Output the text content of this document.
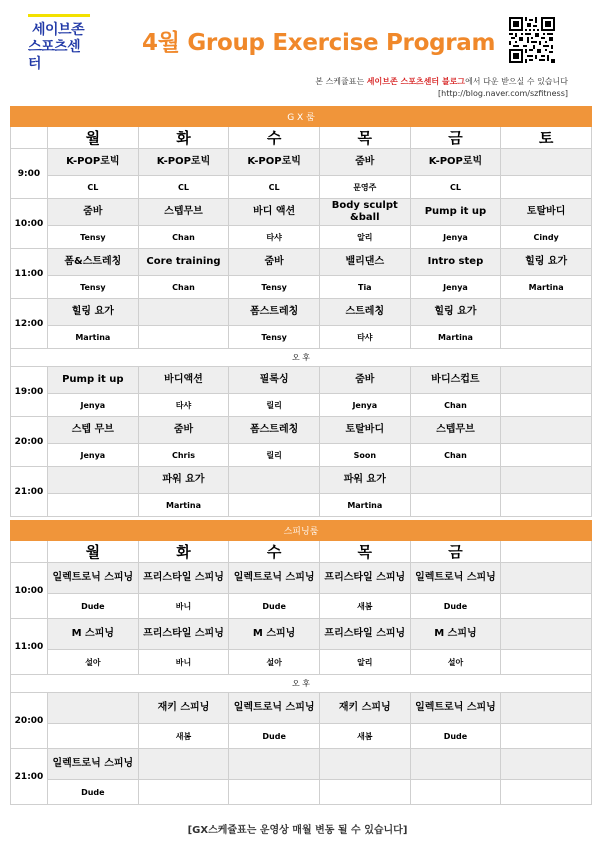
세이브존
스포츠센터
4월 Group Exercise Program
본 스케쥴표는 세이브존 스포츠센터 블로그에서 다운 받으실 수 있습니다
[http://blog.naver.com/szfitness]
G X 룸						
	월	화	수	목	금	토
9:00	K-POP로빅	K-POP로빅	K-POP로빅	줌바	K-POP로빅	
	CL	CL	CL	문영주	CL	
10:00	줌바	스텝무브	바디 액션	Body sculpt &ball	Pump it up	토탈바디
	Tensy	Chan	타샤	알리	Jenya	Cindy
11:00	폼&스트레칭	Core training	줌바	밸리댄스	Intro step	힐링 요가
	Tensy	Chan	Tensy	Tia	Jenya	Martina
12:00	힐링 요가		폼스트레칭	스트레칭	힐링 요가	
	Martina		Tensy	타샤	Martina	
오 후						
19:00	Pump it up	바디액션	필록싱	줌바	바디스컵트	
	Jenya	타샤	릴리	Jenya	Chan	
20:00	스텝 무브	줌바	폼스트레칭	토탈바디	스텝무브	
	Jenya	Chris	릴리	Soon	Chan	
21:00		파워 요가		파워 요가		
		Martina		Martina		
스피닝룸						
	월	화	수	목	금	
10:00	일렉트로닉 스피닝	프리스타일 스피닝	일렉트로닉 스피닝	프리스타일 스피닝	일렉트로닉 스피닝	
	Dude	바니	Dude	새봄	Dude	
11:00	M 스피닝	프리스타일 스피닝	M 스피닝	프리스타일 스피닝	M 스피닝	
	설아	바니	설아	알리	설아	
오 후						
20:00		재키 스피닝	일렉트로닉 스피닝	재키 스피닝	일렉트로닉 스피닝	
		새봄	Dude	새봄	Dude	
21:00	일렉트로닉 스피닝					
	Dude					
[GX스케쥴표는 운영상 매월 변동 될 수 있습니다]
